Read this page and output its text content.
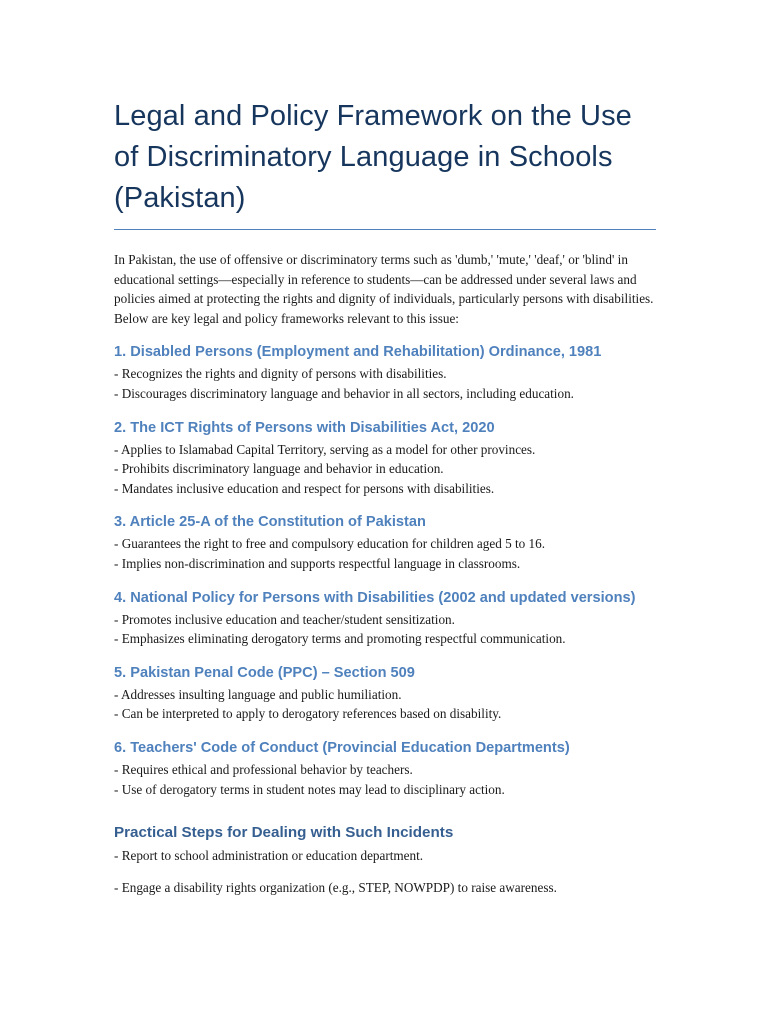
Legal and Policy Framework on the Use of Discriminatory Language in Schools (Pakistan)

In Pakistan, the use of offensive or discriminatory terms such as 'dumb,' 'mute,' 'deaf,' or 'blind' in educational settings—especially in reference to students—can be addressed under several laws and policies aimed at protecting the rights and dignity of individuals, particularly persons with disabilities. Below are key legal and policy frameworks relevant to this issue:

1. Disabled Persons (Employment and Rehabilitation) Ordinance, 1981

- Recognizes the rights and dignity of persons with disabilities.

- Discourages discriminatory language and behavior in all sectors, including education.

2. The ICT Rights of Persons with Disabilities Act, 2020

- Applies to Islamabad Capital Territory, serving as a model for other provinces.

- Prohibits discriminatory language and behavior in education.

- Mandates inclusive education and respect for persons with disabilities.

3. Article 25-A of the Constitution of Pakistan

- Guarantees the right to free and compulsory education for children aged 5 to 16.

- Implies non-discrimination and supports respectful language in classrooms.

4. National Policy for Persons with Disabilities (2002 and updated versions)

- Promotes inclusive education and teacher/student sensitization.

- Emphasizes eliminating derogatory terms and promoting respectful communication.

5. Pakistan Penal Code (PPC) – Section 509

- Addresses insulting language and public humiliation.

- Can be interpreted to apply to derogatory references based on disability.

6. Teachers' Code of Conduct (Provincial Education Departments)

- Requires ethical and professional behavior by teachers.

- Use of derogatory terms in student notes may lead to disciplinary action.

Practical Steps for Dealing with Such Incidents

- Report to school administration or education department.

- Engage a disability rights organization (e.g., STEP, NOWPDP) to raise awareness.
